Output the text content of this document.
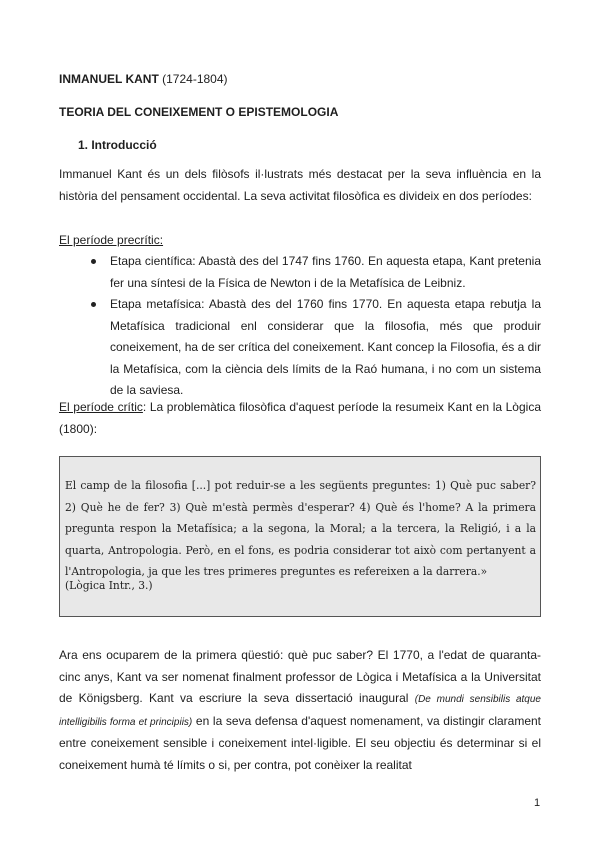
INMANUEL KANT (1724-1804)
TEORIA DEL CONEIXEMENT O EPISTEMOLOGIA
1. Introducció

Immanuel Kant és un dels filòsofs il·lustrats més destacat per la seva influència en la història del pensament occidental. La seva activitat filosòfica es divideix en dos períodes:

El període precrític:
Etapa científica: Abastà des del 1747 fins 1760. En aquesta etapa, Kant pretenia fer una síntesi de la Física de Newton i de la Metafísica de Leibniz.
Etapa metafísica: Abastà des del 1760 fins 1770. En aquesta etapa rebutja la Metafísica tradicional enl considerar que la filosofia, més que produir coneixement, ha de ser crítica del coneixement. Kant concep la Filosofia, és a dir la Metafísica, com la ciència dels límits de la Raó humana, i no com un sistema de la saviesa.

El període crític: La problemàtica filosòfica d'aquest període la resumeix Kant en la Lògica (1800):

El camp de la filosofia [...] pot reduir-se a les següents preguntes: 1) Què puc saber? 2) Què he de fer? 3) Què m'està permès d'esperar? 4) Què és l'home? A la primera pregunta respon la Metafísica; a la segona, la Moral; a la tercera, la Religió, i a la quarta, Antropologia. Però, en el fons, es podria considerar tot això com pertanyent a l'Antropologia, ja que les tres primeres preguntes es refereixen a la darrera.»

(Lògica Intr., 3.)

Ara ens ocuparem de la primera qüestió: què puc saber? El 1770, a l'edat de quaranta-cinc anys, Kant va ser nomenat finalment professor de Lògica i Metafísica a la Universitat de Königsberg. Kant va escriure la seva dissertació inaugural (De mundi sensibilis atque intelligibilis forma et principiis) en la seva defensa d'aquest nomenament, va distingir clarament entre coneixement sensible i coneixement intel·ligible. El seu objectiu és determinar si el coneixement humà té límits o si, per contra, pot conèixer la realitat

1
